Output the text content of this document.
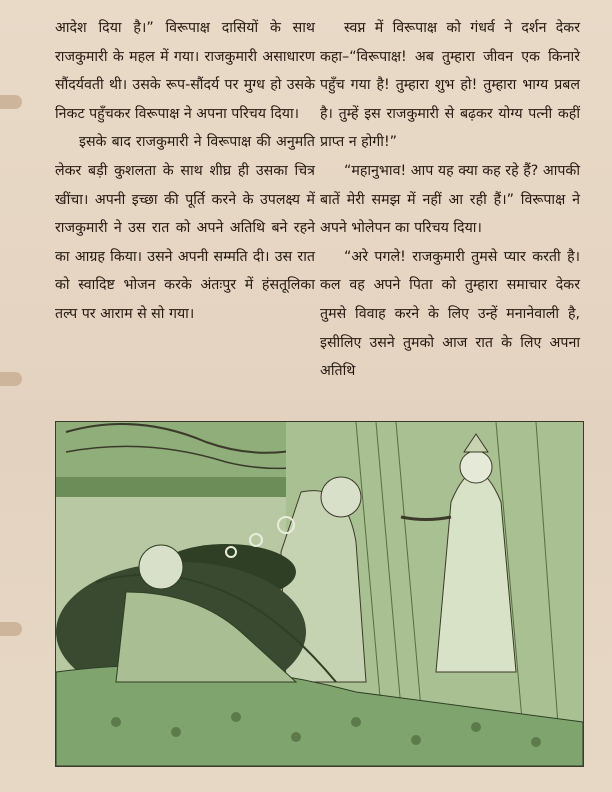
आदेश दिया है।” विरूपाक्ष दासियों के साथ राजकुमारी के महल में गया। राजकुमारी असाधारण सौंदर्यवती थी। उसके रूप-सौंदर्य पर मुग्ध हो उसके निकट पहुँचकर विरूपाक्ष ने अपना परिचय दिया।

इसके बाद राजकुमारी ने विरूपाक्ष की अनुमति लेकर बड़ी कुशलता के साथ शीघ्र ही उसका चित्र खींचा। अपनी इच्छा की पूर्ति करने के उपलक्ष्य में राजकुमारी ने उस रात को अपने अतिथि बने रहने का आग्रह किया। उसने अपनी सम्मति दी। उस रात को स्वादिष्ट भोजन करके अंतःपुर में हंसतूलिका तल्प पर आराम से सो गया।

स्वप्न में विरूपाक्ष को गंधर्व ने दर्शन देकर कहा–“विरूपाक्ष! अब तुम्हारा जीवन एक किनारे पहुँच गया है! तुम्हारा शुभ हो! तुम्हारा भाग्य प्रबल है। तुम्हें इस राजकुमारी से बढ़कर योग्य पत्नी कहीं प्राप्त न होगी!”

“महानुभाव! आप यह क्या कह रहे हैं? आपकी बातें मेरी समझ में नहीं आ रही हैं।” विरूपाक्ष ने अपने भोलेपन का परिचय दिया।

“अरे पगले! राजकुमारी तुमसे प्यार करती है। कल वह अपने पिता को तुम्हारा समाचार देकर तुमसे विवाह करने के लिए उन्हें मनानेवाली है, इसीलिए उसने तुमको आज रात के लिए अपना अतिथि
